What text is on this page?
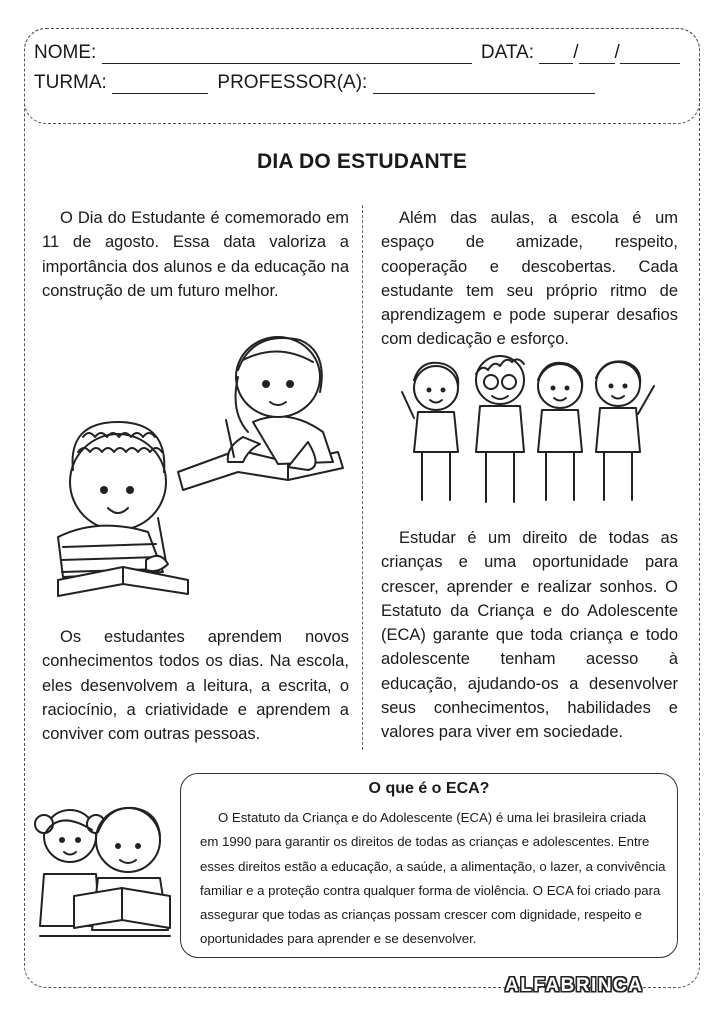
NOME:	DATA: / /
TURMA:	PROFESSOR(A):
DIA DO ESTUDANTE
O Dia do Estudante é comemorado em 11 de agosto. Essa data valoriza a importância dos alunos e da educação na construção de um futuro melhor.
Os estudantes aprendem novos conhecimentos todos os dias. Na escola, eles desenvolvem a leitura, a escrita, o raciocínio, a criatividade e aprendem a conviver com outras pessoas.
Além das aulas, a escola é um espaço de amizade, respeito, cooperação e descobertas. Cada estudante tem seu próprio ritmo de aprendizagem e pode superar desafios com dedicação e esforço.
Estudar é um direito de todas as crianças e uma oportunidade para crescer, aprender e realizar sonhos. O Estatuto da Criança e do Adolescente (ECA) garante que toda criança e todo adolescente tenham acesso à educação, ajudando-os a desenvolver seus conhecimentos, habilidades e valores para viver em sociedade.
O que é o ECA?
O Estatuto da Criança e do Adolescente (ECA) é uma lei brasileira criada em 1990 para garantir os direitos de todas as crianças e adolescentes. Entre esses direitos estão a educação, a saúde, a alimentação, o lazer, a convivência familiar e a proteção contra qualquer forma de violência. O ECA foi criado para assegurar que todas as crianças possam crescer com dignidade, respeito e oportunidades para aprender e se desenvolver.
ALFABRINCA
